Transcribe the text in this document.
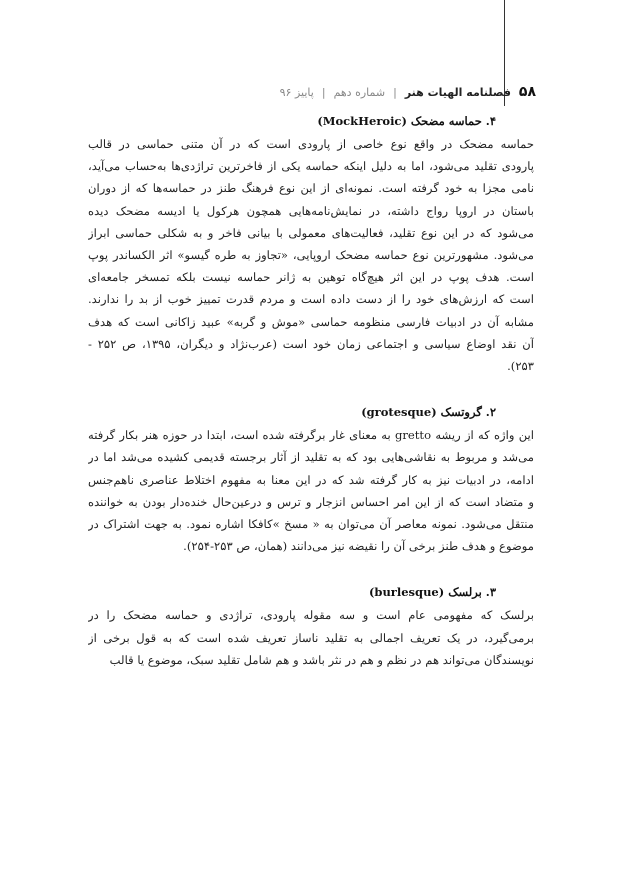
۵۸
فصلنامه الهیات هنر
|
شماره دهم
|
پاییز ۹۶
۴. حماسه مضحک (MockHeroic)

حماسه مضحک در واقع نوع خاصی از پارودی است که در آن متنی حماسی در قالب
پارودی تقلید می‌شود، اما به دلیل اینکه حماسه یکی از فاخرترین تراژدی‌ها به‌حساب می‌آید،
نامی مجزا به خود گرفته است. نمونه‌ای از این نوع فرهنگ طنز در حماسه‌ها که از دوران
باستان در اروپا رواج داشته، در نمایش‌نامه‌هایی همچون هرکول یا ادیسه مضحک دیده
می‌شود که در این نوع تقلید، فعالیت‌های معمولی با بیانی فاخر و به شکلی حماسی ابراز
می‌شود. مشهورترین نوع حماسه مضحک اروپایی، «تجاوز به طره گیسو» اثر الکساندر پوپ
است. هدف پوپ در این اثر هیچ‌گاه توهین به ژانر حماسه نیست بلکه تمسخر جامعه‌ای
است که ارزش‌های خود را از دست داده است و مردم قدرت تمییز خوب از بد را ندارند.
مشابه آن در ادبیات فارسی منظومه حماسی «موش و گربه» عبید زاکانی است که هدف
آن نقد اوضاع سیاسی و اجتماعی زمان خود است (عرب‌نژاد و دیگران، ۱۳۹۵، ص ۲۵۲ -
۲۵۳).

۲. گروتسک (grotesque)

این واژه که از ریشه gretto به معنای غار برگرفته شده است، ابتدا در حوزه هنر بکار گرفته
می‌شد و مربوط به نقاشی‌هایی بود که به تقلید از آثار برجسته قدیمی کشیده می‌شد اما در
ادامه، در ادبیات نیز به کار گرفته شد که در این معنا به مفهوم اختلاط عناصری ناهم‌جنس
و متضاد است که از این امر احساس انزجار و ترس و درعین‌حال خنده‌دار بودن به خواننده
منتقل می‌شود. نمونه معاصر آن می‌توان به « مسخ »کافکا اشاره نمود. به جهت اشتراک در
موضوع و هدف طنز برخی آن را نقیضه نیز می‌دانند (همان، ص ۲۵۳-۲۵۴).

۳. برلسک (burlesque)

برلسک که مفهومی عام است و سه مقوله پارودی، تراژدی و حماسه مضحک را در
برمی‌گیرد، در یک تعریف اجمالی به تقلید ناساز تعریف شده است که به قول برخی از
نویسندگان می‌تواند هم در نظم و هم در نثر باشد و هم شامل تقلید سبک، موضوع یا قالب
